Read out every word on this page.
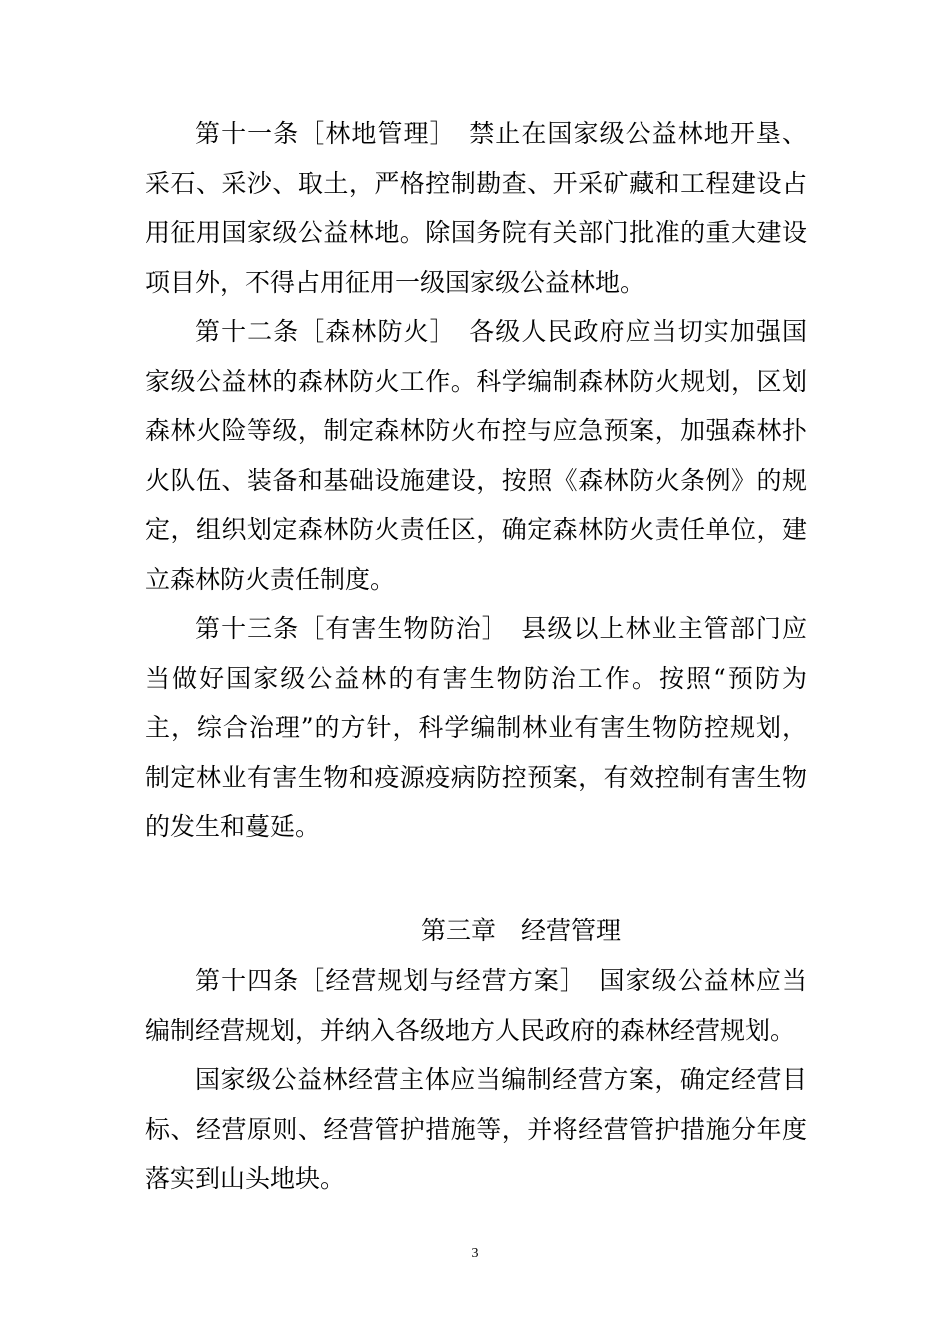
第十一条［林地管理］　禁止在国家级公益林地开垦、采石、采沙、取土，严格控制勘查、开采矿藏和工程建设占用征用国家级公益林地。除国务院有关部门批准的重大建设项目外，不得占用征用一级国家级公益林地。

第十二条［森林防火］　各级人民政府应当切实加强国家级公益林的森林防火工作。科学编制森林防火规划，区划森林火险等级，制定森林防火布控与应急预案，加强森林扑火队伍、装备和基础设施建设，按照《森林防火条例》的规定，组织划定森林防火责任区，确定森林防火责任单位，建立森林防火责任制度。

第十三条［有害生物防治］　县级以上林业主管部门应当做好国家级公益林的有害生物防治工作。按照“预防为主，综合治理”的方针，科学编制林业有害生物防控规划，制定林业有害生物和疫源疫病防控预案，有效控制有害生物的发生和蔓延。

第三章　经营管理

第十四条［经营规划与经营方案］　国家级公益林应当编制经营规划，并纳入各级地方人民政府的森林经营规划。

国家级公益林经营主体应当编制经营方案，确定经营目标、经营原则、经营管护措施等，并将经营管护措施分年度落实到山头地块。

3
